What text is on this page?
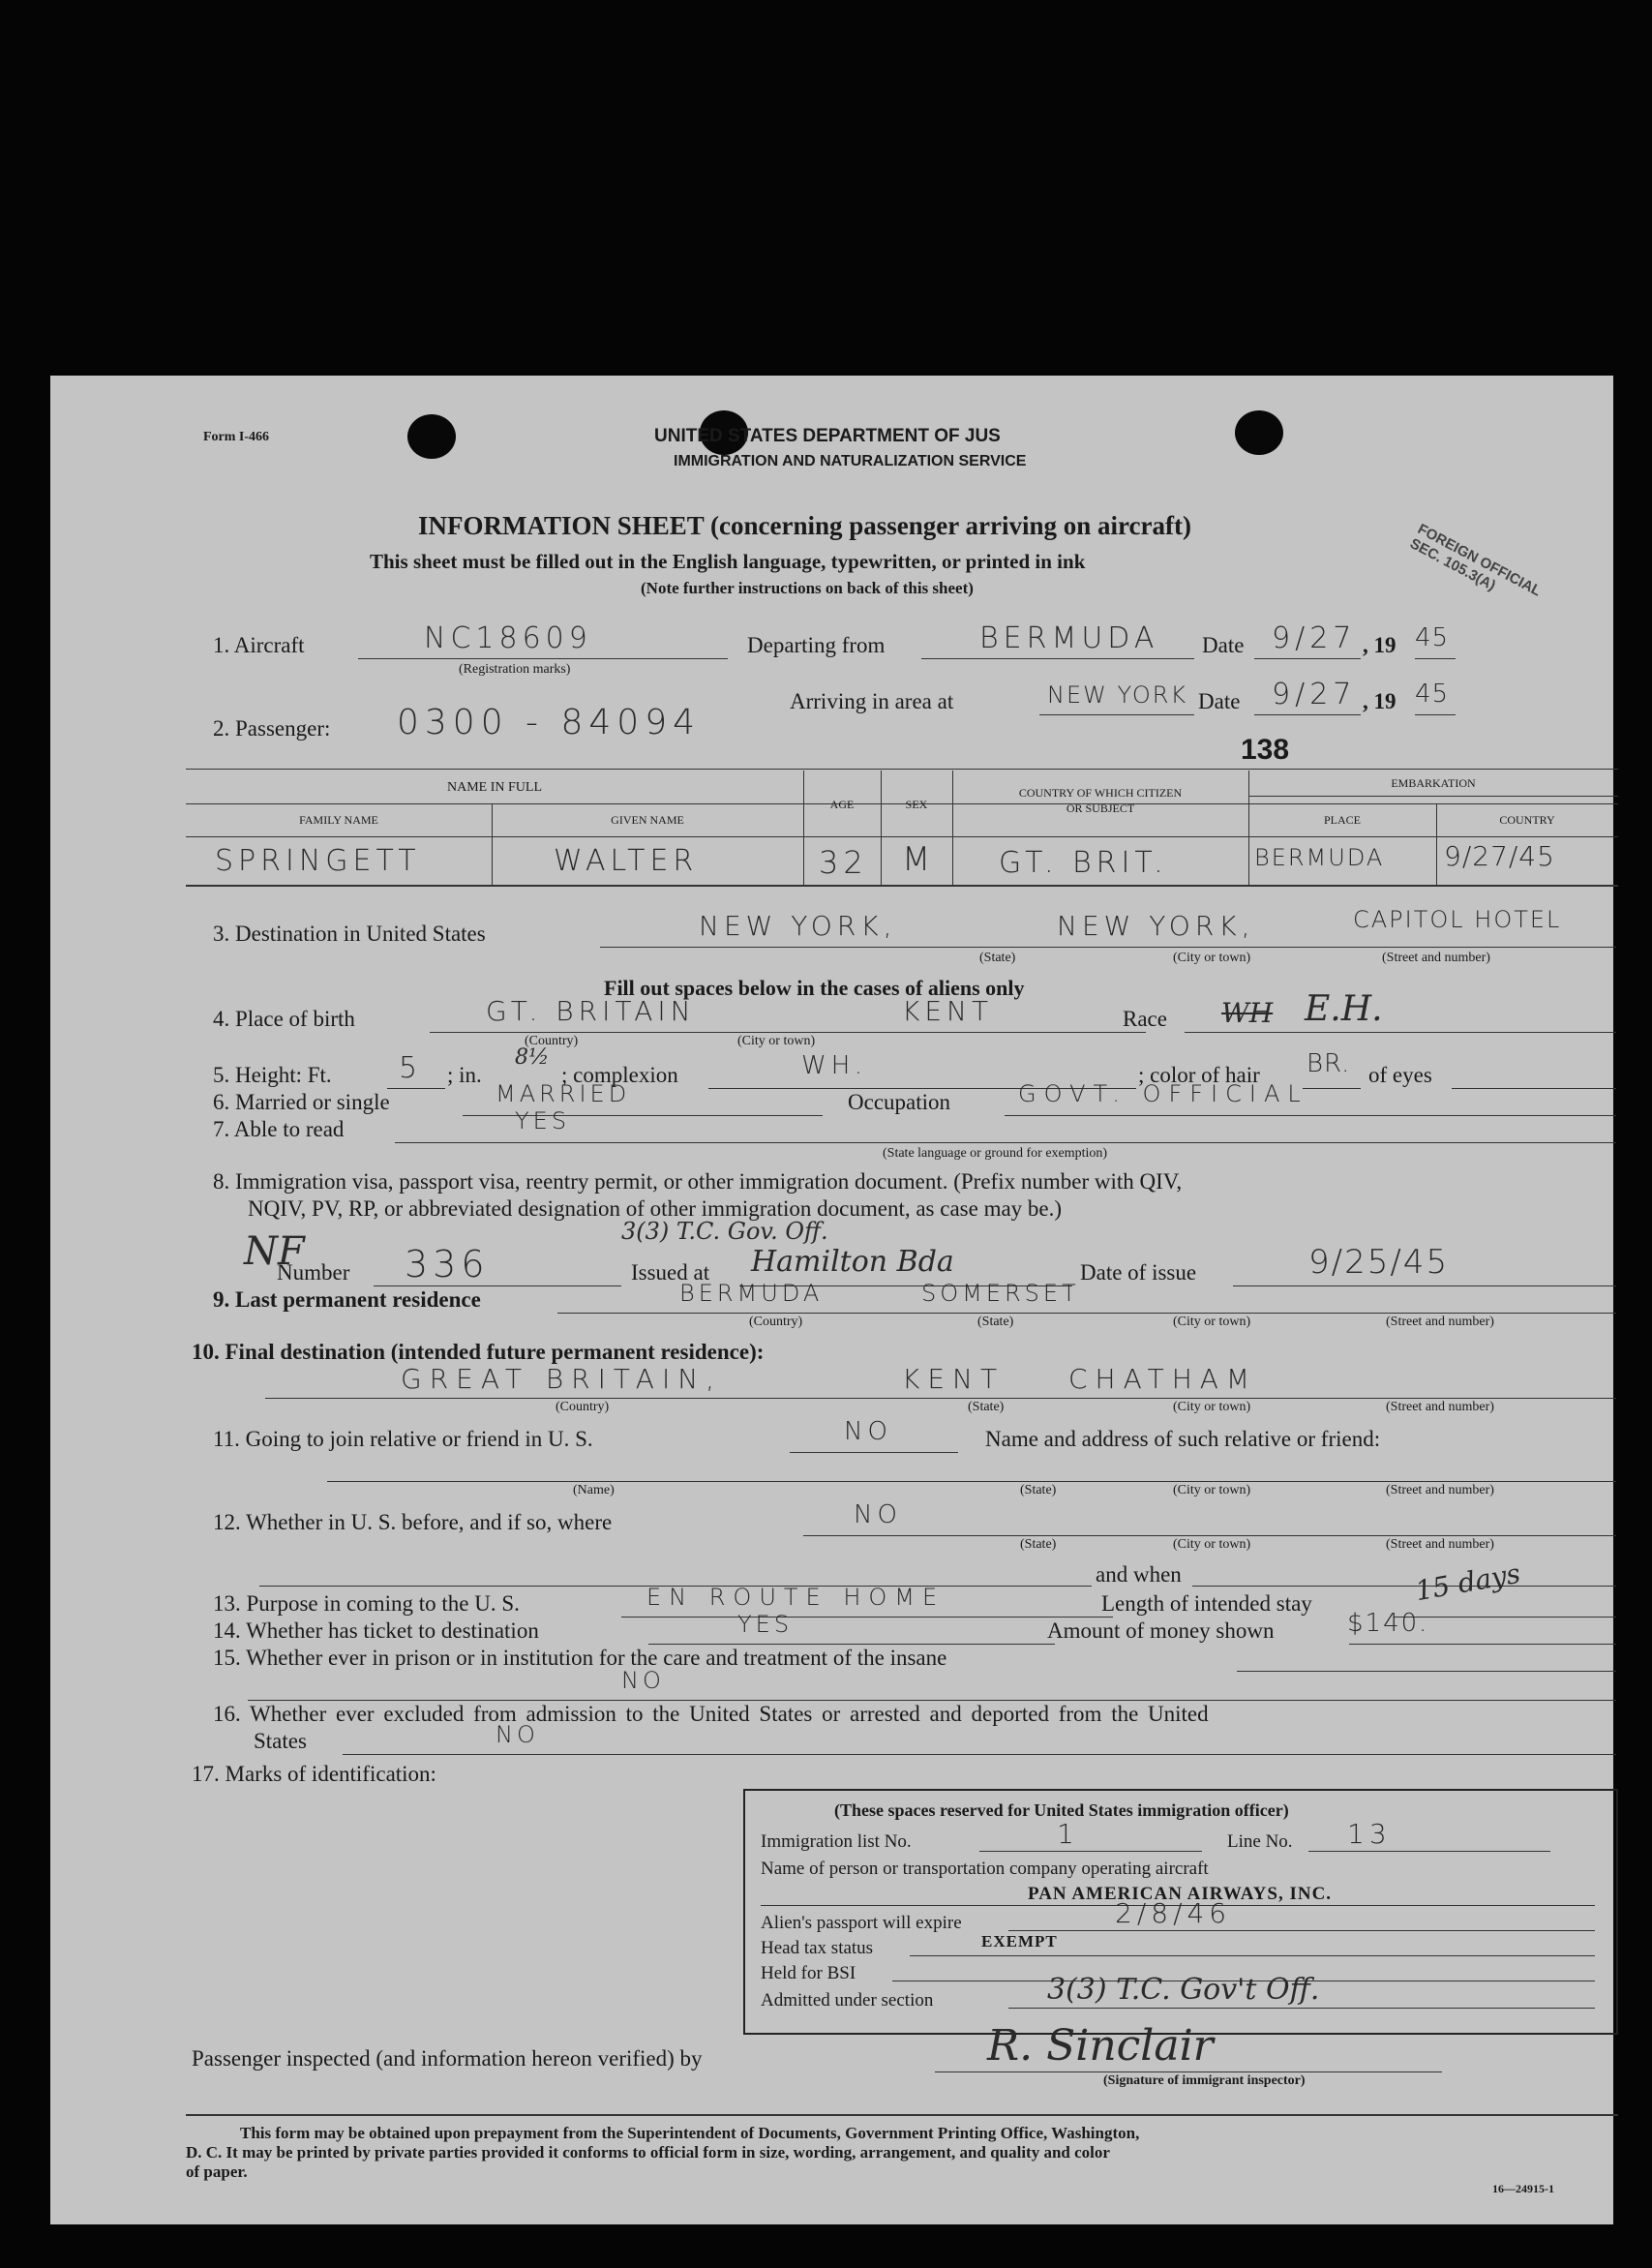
Form I-466	UNITED STATES DEPARTMENT OF JUS
IMMIGRATION AND NATURALIZATION SERVICE
INFORMATION SHEET (concerning passenger arriving on aircraft)
This sheet must be filled out in the English language, typewritten, or printed in ink
(Note further instructions on back of this sheet)	FOREIGN OFFICIAL SEC. 105.3(A)
1. Aircraft	NC18609
(Registration marks)
Departing from	BERMUDA Date 9/27 , 19 45
Arriving in area at	NEW YORK Date 9/27 , 19 45
2. Passenger: 0300 - 84094
138
NAME IN FULL
FAMILY NAME	GIVEN NAME
AGE	SEX
COUNTRY OF WHICH CITIZEN
OR SUBJECT
EMBARKATION
PLACE	COUNTRY
SPRINGETT	WALTER	32 M GT. BRIT.	BERMUDA 9/27/45
3. Destination in United States	NEW YORK,	NEW YORK,	CAPITOL HOTEL
(State)	(City or town)	(Street and number)
Fill out spaces below in the cases of aliens only
4. Place of birth	GT. BRITAIN	KENT
(Country)	(City or town)
Race WH E.H.
5. Height: Ft. 5 ; in.
8½
; complexion	WH.	; color of hair BR. of eyes
6. Married or single	MARRIED	Occupation	GOVT. OFFICIAL
7. Able to read	YES
(State language or ground for exemption)
8. Immigration visa, passport visa, reentry permit, or other immigration document. (Prefix number with QIV,
NQIV, PV, RP, or abbreviated designation of other immigration document, as case may be.)
NF	3(3) T.C. Gov. Off.
Number 336	Issued at Hamilton Bda	Date of issue	9/25/45
9. Last permanent residence	BERMUDA	SOMERSET
(Country)	(State)	(City or town)	(Street and number)
10. Final destination (intended future permanent residence):
GREAT BRITAIN,	KENT CHATHAM
(Country)	(State)	(City or town)	(Street and number)
11. Going to join relative or friend in U. S.	NO	Name and address of such relative or friend:
(Name)	(State)	(City or town)	(Street and number)
12. Whether in U. S. before, and if so, where	NO
(State)	(City or town)	(Street and number)
and when
13. Purpose in coming to the U. S.	EN ROUTE HOME	Length of intended stay	15 days
14. Whether has ticket to destination	YES	Amount of money shown	$140.
15. Whether ever in prison or in institution for the care and treatment of the insane
NO
16. Whether ever excluded from admission to the United States or arrested and deported from the United
States	NO
17. Marks of identification:
(These spaces reserved for United States immigration officer)
Immigration list No.	1	Line No. 13
Name of person or transportation company operating aircraft
PAN AMERICAN AIRWAYS, INC.
Alien's passport will expire	2/8/46
Head tax status	EXEMPT
Held for BSI
Admitted under section	3(3) T.C. Gov't Off.
Passenger inspected (and information hereon verified) by	R. Sinclair
(Signature of immigrant inspector)
This form may be obtained upon prepayment from the Superintendent of Documents, Government Printing Office, Washington,
D. C. It may be printed by private parties provided it conforms to official form in size, wording, arrangement, and quality and color
of paper.
16—24915-1
